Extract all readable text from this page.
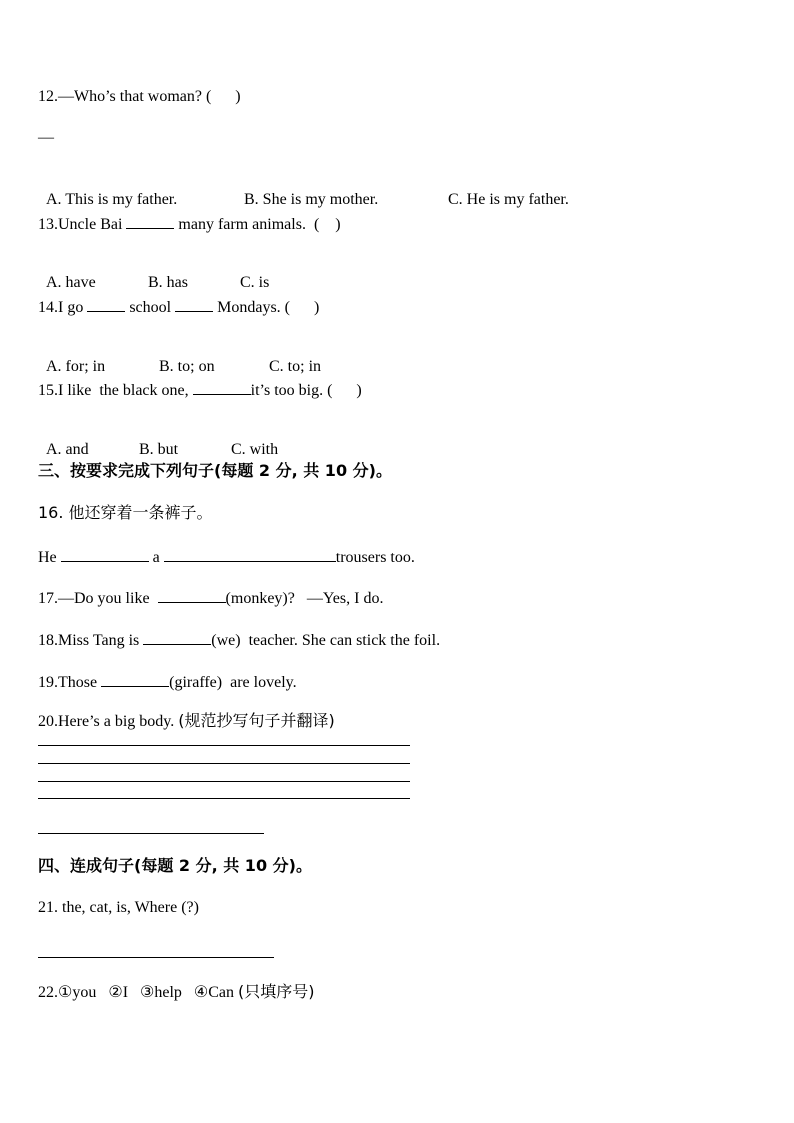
12.—Who’s that woman? (      )
—

A. This is my father.	B. She is my mother.	C. He is my father.

13.Uncle Bai	many farm animals.  (    )

A. have	B. has	C. is

14.I go  school  Mondays. (      )

A. for; in	B. to; on	C. to; in

15.I like  the black one,	it’s too big. (      )

A. and	B. but	C. with

三、按要求完成下列句子(每题 2 分, 共 10 分)。
16. 他还穿着一条裤子。
He	a	trousers too.
17.—Do you like	(monkey)?   —Yes, I do.
18.Miss Tang is	(we)  teacher. She can stick the foil.
19.Those	(giraffe)  are lovely.
20.Here’s a big body. (规范抄写句子并翻译)
四、连成句子(每题 2 分, 共 10 分)。
21. the, cat, is, Where (?)
22.①you   ②I   ③help   ④Can (只填序号)
